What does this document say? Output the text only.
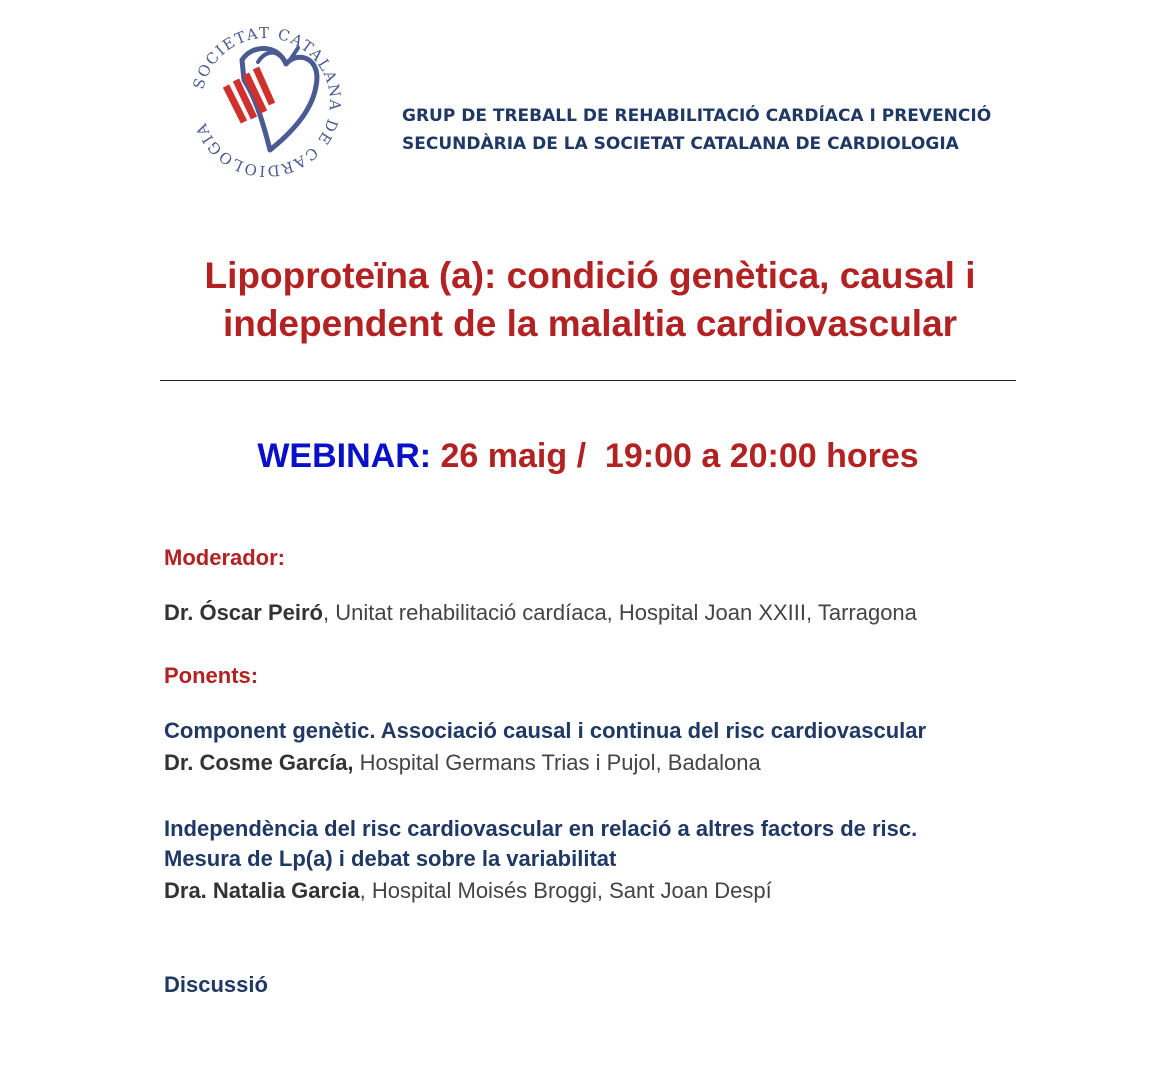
SOCIETAT CATALANA DE CARDIOLOGIA
GRUP DE TREBALL DE REHABILITACIÓ CARDÍACA I PREVENCIÓ
SECUNDÀRIA DE LA SOCIETAT CATALANA DE CARDIOLOGIA
Lipoproteïna (a): condició genètica, causal i
independent de la malaltia cardiovascular
WEBINAR: 26 maig /  19:00 a 20:00 hores
Moderador:
Dr. Óscar Peiró, Unitat rehabilitació cardíaca, Hospital Joan XXIII, Tarragona
Ponents:
Component genètic. Associació causal i continua del risc cardiovascular
Dr. Cosme García, Hospital Germans Trias i Pujol, Badalona
Independència del risc cardiovascular en relació a altres factors de risc.
Mesura de Lp(a) i debat sobre la variabilitat
Dra. Natalia Garcia, Hospital Moisés Broggi, Sant Joan Despí
Discussió
